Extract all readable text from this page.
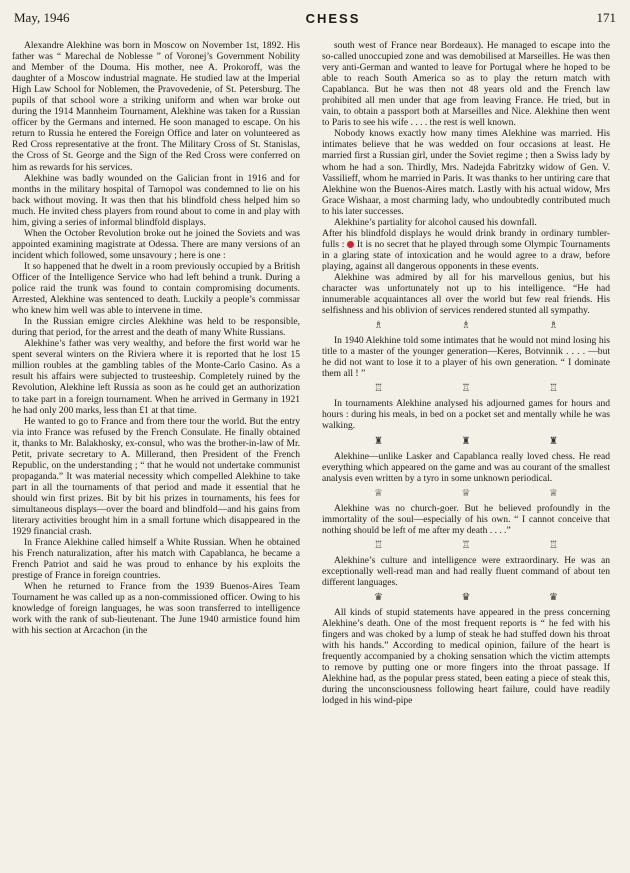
May, 1946	CHESS	171

Alexandre Alekhine was born in Moscow on November 1st, 1892. His father was “ Marechal de Noblesse ” of Voronej’s Government Nobility and Member of the Douma. His mother, nee A. Prokoroff, was the daughter of a Moscow industrial magnate. He studied law at the Imperial High Law School for Noblemen, the Pravovedenie, of St. Petersburg. The pupils of that school wore a striking uniform and when war broke out during the 1914 Mannheim Tournament, Alekhine was taken for a Russian officer by the Germans and interned. He soon managed to escape. On his return to Russia he entered the Foreign Office and later on volunteered as Red Cross representative at the front. The Military Cross of St. Stanislas, the Cross of St. George and the Sign of the Red Cross were conferred on him as rewards for his services.

Alekhine was badly wounded on the Galician front in 1916 and for months in the military hospital of Tarnopol was condemned to lie on his back without moving. It was then that his blindfold chess helped him so much. He invited chess players from round about to come in and play with him, giving a series of informal blindfold displays.

When the October Revolution broke out he joined the Soviets and was appointed examining magistrate at Odessa. There are many versions of an incident which followed, some unsavoury ; here is one :

It so happened that he dwelt in a room previously occupied by a British Officer of the Intelligence Service who had left behind a trunk. During a police raid the trunk was found to contain compromising documents. Arrested, Alekhine was sentenced to death. Luckily a people’s commissar who knew him well was able to intervene in time.

In the Russian emigre circles Alekhine was held to be responsible, during that period, for the arrest and the death of many White Russians.

Alekhine’s father was very wealthy, and before the first world war he spent several winters on the Riviera where it is reported that he lost 15 million roubles at the gambling tables of the Monte-Carlo Casino. As a result his affairs were subjected to trusteeship. Completely ruined by the Revolution, Alekhine left Russia as soon as he could get an authorization to take part in a foreign tournament. When he arrived in Germany in 1921 he had only 200 marks, less than £1 at that time.

He wanted to go to France and from there tour the world. But the entry via into France was refused by the French Consulate. He finally obtained it, thanks to Mr. Balakhosky, ex-consul, who was the brother-in-law of Mr. Petit, private secretary to A. Millerand, then President of the French Republic, on the understanding ; “ that he would not undertake communist propaganda.” It was material necessity which compelled Alekhine to take part in all the tournaments of that period and made it essential that he should win first prizes. Bit by bit his prizes in tournaments, his fees for simultaneous displays—over the board and blindfold—and his gains from literary activities brought him in a small fortune which disappeared in the 1929 financial crash.

In France Alekhine called himself a White Russian. When he obtained his French naturalization, after his match with Capablanca, he became a French Patriot and said he was proud to enhance by his exploits the prestige of France in foreign countries.

When he returned to France from the 1939 Buenos-Aires Team Tournament he was called up as a non-commissioned officer. Owing to his knowledge of foreign languages, he was soon transferred to intelligence work with the rank of sub-lieutenant. The June 1940 armistice found him with his section at Arcachon (in the

south west of France near Bordeaux). He managed to escape into the so-called unoccupied zone and was demobilised at Marseilles. He was then very anti-German and wanted to leave for Portugal where he hoped to be able to reach South America so as to play the return match with Capablanca. But he was then not 48 years old and the French law prohibited all men under that age from leaving France. He tried, but in vain, to obtain a passport both at Marseilles and Nice. Alekhine then went to Paris to see his wife . . . . the rest is well known.

Nobody knows exactly how many times Alekhine was married. His intimates believe that he was wedded on four occasions at least. He married first a Russian girl, under the Soviet regime ; then a Swiss lady by whom he had a son. Thirdly, Mrs. Nadejda Fabritzky widow of Gen. V. Vassilieff, whom he married in Paris. It was thanks to her untiring care that Alekhine won the Buenos-Aires match. Lastly with his actual widow, Mrs Grace Wishaar, a most charming lady, who undoubtedly contributed much to his later successes.

Alekhine’s partiality for alcohol caused his downfall.

After his blindfold displays he would drink brandy in ordinary tumbler-fulls : It is no secret that he played through some Olympic Tournaments in a glaring state of intoxication and he would agree to a draw, before playing, against all dangerous opponents in these events.

Alekhine was admired by all for his marvellous genius, but his character was unfortunately not up to his intelligence. “He had innumerable acquaintances all over the world but few real friends. His selfishness and his oblivion of services rendered stunted all sympathy.

♗ ♗ ♗

In 1940 Alekhine told some intimates that he would not mind losing his title to a master of the younger generation—Keres, Botvinnik . . . . —but he did not want to lose it to a player of his own generation. “ I dominate them all ! ”

♖ ♖ ♖

In tournaments Alekhine analysed his adjourned games for hours and hours : during his meals, in bed on a pocket set and mentally while he was walking.

♜ ♜ ♜

Alekhine—unlike Lasker and Capablanca really loved chess. He read everything which appeared on the game and was au courant of the smallest analysis even written by a tyro in some unknown periodical.

♕ ♕ ♕

Alekhine was no church-goer. But he believed profoundly in the immortality of the soul—especially of his own. “ I cannot conceive that nothing should be left of me after my death . . . .”

♖ ♖ ♖

Alekhine’s culture and intelligence were extraordinary. He was an exceptionally well-read man and had really fluent command of about ten different languages.

♛ ♛ ♛

All kinds of stupid statements have appeared in the press concerning Alekhine’s death. One of the most frequent reports is “ he fed with his fingers and was choked by a lump of steak he had stuffed down his throat with his hands.” According to medical opinion, failure of the heart is frequently accompanied by a choking sensation which the victim attempts to remove by putting one or more fingers into the throat passage. If Alekhine had, as the popular press stated, been eating a piece of steak this, during the unconsciousness following heart failure, could have readily lodged in his wind-pipe
